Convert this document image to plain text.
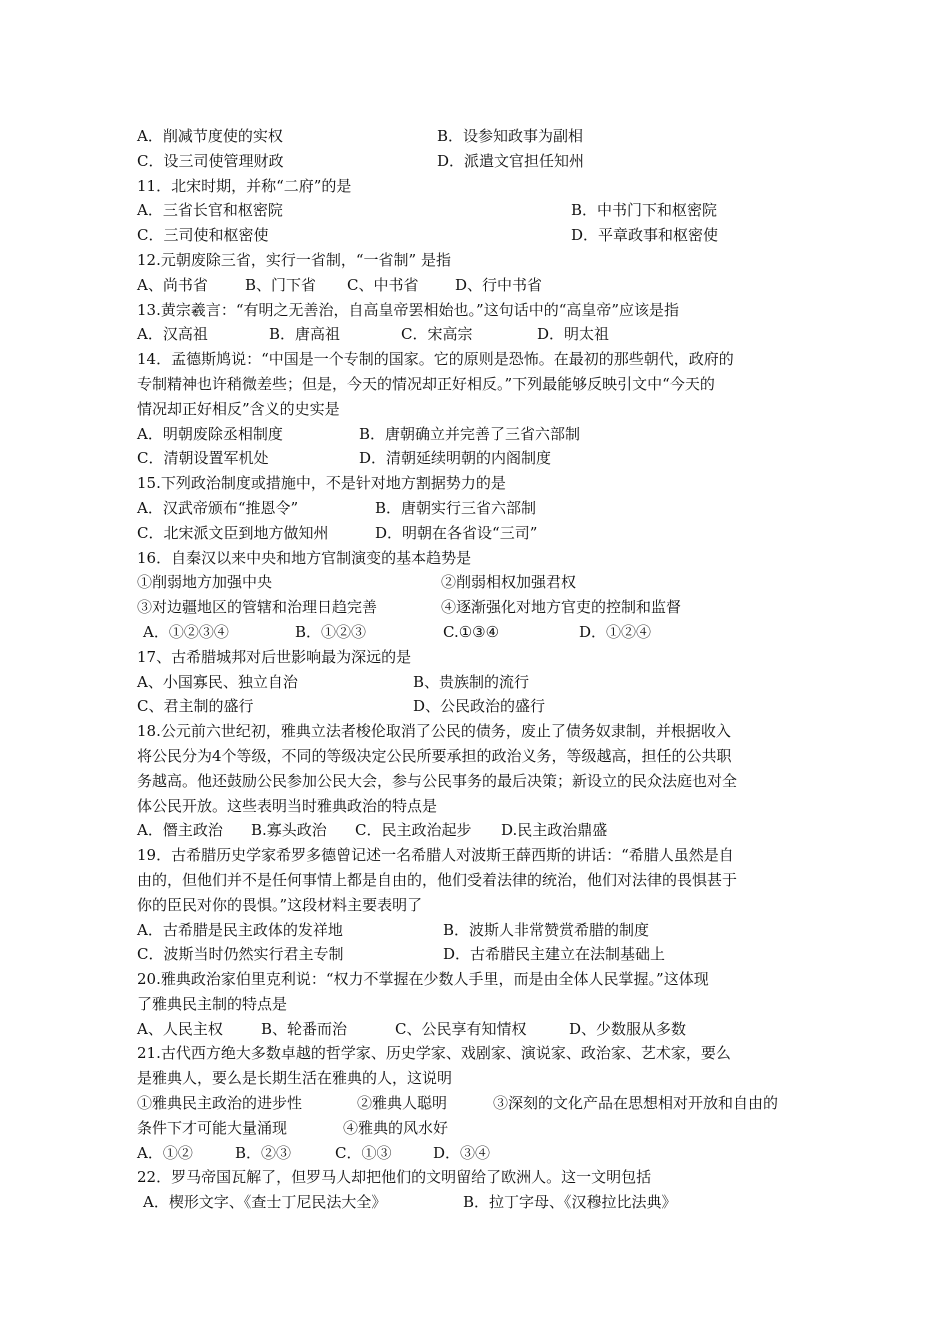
A．削减节度使的实权	B．设参知政事为副相
C．设三司使管理财政	D．派遣文官担任知州
11．北宋时期，并称“二府”的是
A．三省长官和枢密院	B．中书门下和枢密院
C．三司使和枢密使	D．平章政事和枢密使
12.元朝废除三省，实行一省制，“一省制” 是指
A、尚书省 B、门下省 C、中书省 D、行中书省
13.黄宗羲言：“有明之无善治，自高皇帝罢相始也。”这句话中的“高皇帝”应该是指
A．汉高祖	B．唐高祖	C．宋高宗	D．明太祖
14．孟德斯鸠说：“中国是一个专制的国家。它的原则是恐怖。在最初的那些朝代，政府的
专制精神也许稍微差些；但是，今天的情况却正好相反。”下列最能够反映引文中“今天的
情况却正好相反”含义的史实是
A．明朝废除丞相制度	B．唐朝确立并完善了三省六部制
C．清朝设置军机处	D．清朝延续明朝的内阁制度
15.下列政治制度或措施中，不是针对地方割据势力的是
A．汉武帝颁布“推恩令”	B．唐朝实行三省六部制
C．北宋派文臣到地方做知州	D．明朝在各省设“三司”
16．自秦汉以来中央和地方官制演变的基本趋势是
①削弱地方加强中央	②削弱相权加强君权
③对边疆地区的管辖和治理日趋完善	④逐渐强化对地方官吏的控制和监督
A．①②③④	B．①②③	C.①③④	D．①②④
17、古希腊城邦对后世影响最为深远的是
A、小国寡民、独立自治	B、贵族制的流行
C、君主制的盛行	D、公民政治的盛行
18.公元前六世纪初，雅典立法者梭伦取消了公民的债务，废止了债务奴隶制，并根据收入
将公民分为4个等级，不同的等级决定公民所要承担的政治义务，等级越高，担任的公共职
务越高。他还鼓励公民参加公民大会，参与公民事务的最后决策；新设立的民众法庭也对全
体公民开放。这些表明当时雅典政治的特点是
A．僭主政治 B.寡头政治 C．民主政治起步 D.民主政治鼎盛
19．古希腊历史学家希罗多德曾记述一名希腊人对波斯王薛西斯的讲话：“希腊人虽然是自
由的，但他们并不是任何事情上都是自由的，他们受着法律的统治，他们对法律的畏惧甚于
你的臣民对你的畏惧。”这段材料主要表明了
A．古希腊是民主政体的发祥地	B．波斯人非常赞赏希腊的制度
C．波斯当时仍然实行君主专制	D．古希腊民主建立在法制基础上
20.雅典政治家伯里克利说：“权力不掌握在少数人手里，而是由全体人民掌握。”这体现
了雅典民主制的特点是
A、人民主权	B、轮番而治	C、公民享有知情权	D、少数服从多数
21.古代西方绝大多数卓越的哲学家、历史学家、戏剧家、演说家、政治家、艺术家，要么
是雅典人，要么是长期生活在雅典的人，这说明
①雅典民主政治的进步性	②雅典人聪明	③深刻的文化产品在思想相对开放和自由的
条件下才可能大量涌现	④雅典的风水好
A．①②	B．②③	C．①③	D．③④
22．罗马帝国瓦解了，但罗马人却把他们的文明留给了欧洲人。这一文明包括
A．楔形文字、《查士丁尼民法大全》	B．拉丁字母、《汉穆拉比法典》
